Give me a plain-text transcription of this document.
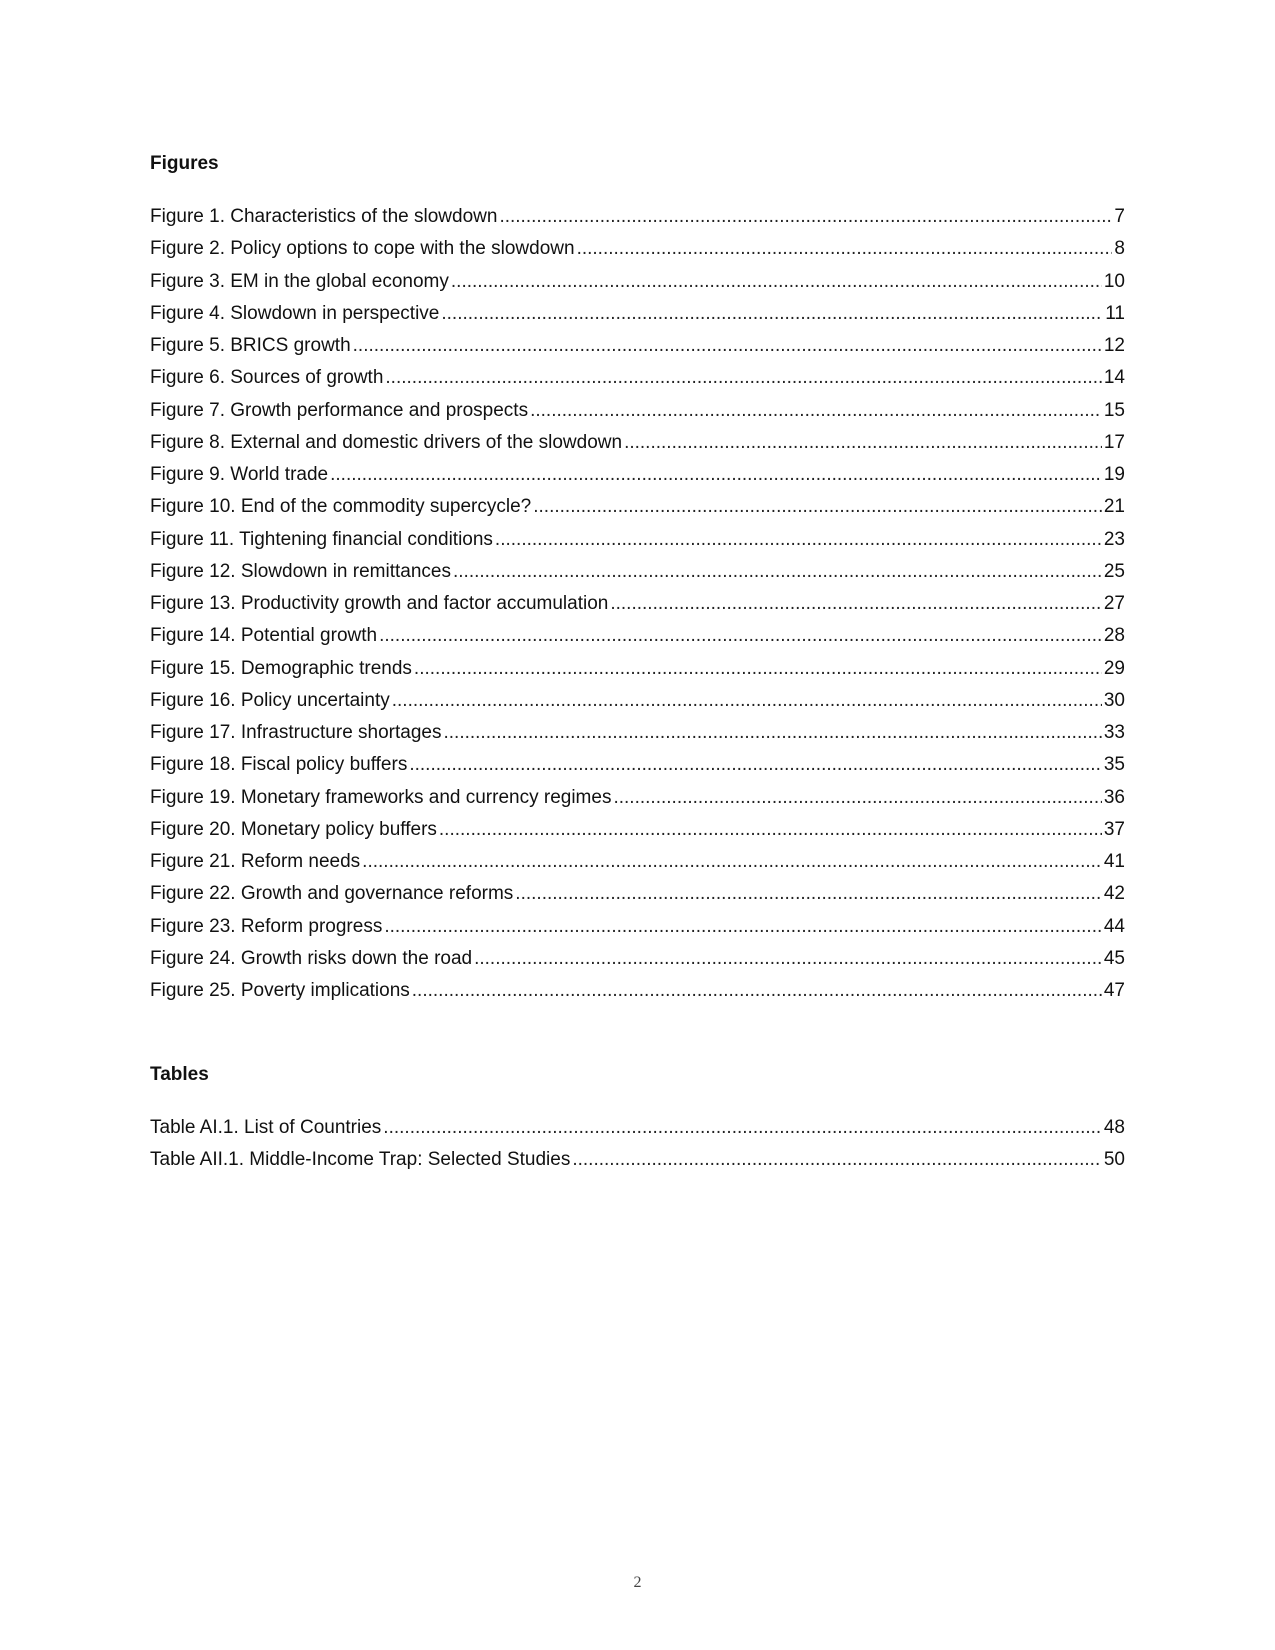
Figures
Figure 1. Characteristics of the slowdown .....	7
Figure 2. Policy options to cope with the slowdown .....	8
Figure 3. EM in the global economy .....	10
Figure 4. Slowdown in perspective .....	11
Figure 5. BRICS growth .....	12
Figure 6. Sources of growth .....	14
Figure 7. Growth performance and prospects .....	15
Figure 8. External and domestic drivers of the slowdown .....	17
Figure 9. World trade .....	19
Figure 10. End of the commodity supercycle? .....	21
Figure 11. Tightening financial conditions .....	23
Figure 12. Slowdown in remittances .....	25
Figure 13. Productivity growth and factor accumulation .....	27
Figure 14. Potential growth .....	28
Figure 15. Demographic trends .....	29
Figure 16. Policy uncertainty .....	30
Figure 17. Infrastructure shortages .....	33
Figure 18. Fiscal policy buffers .....	35
Figure 19. Monetary frameworks and currency regimes .....	36
Figure 20. Monetary policy buffers .....	37
Figure 21. Reform needs .....	41
Figure 22. Growth and governance reforms .....	42
Figure 23. Reform progress .....	44
Figure 24. Growth risks down the road .....	45
Figure 25. Poverty implications .....	47
Tables
Table AI.1. List of Countries .....	48
Table AII.1. Middle-Income Trap: Selected Studies .....	50
2
